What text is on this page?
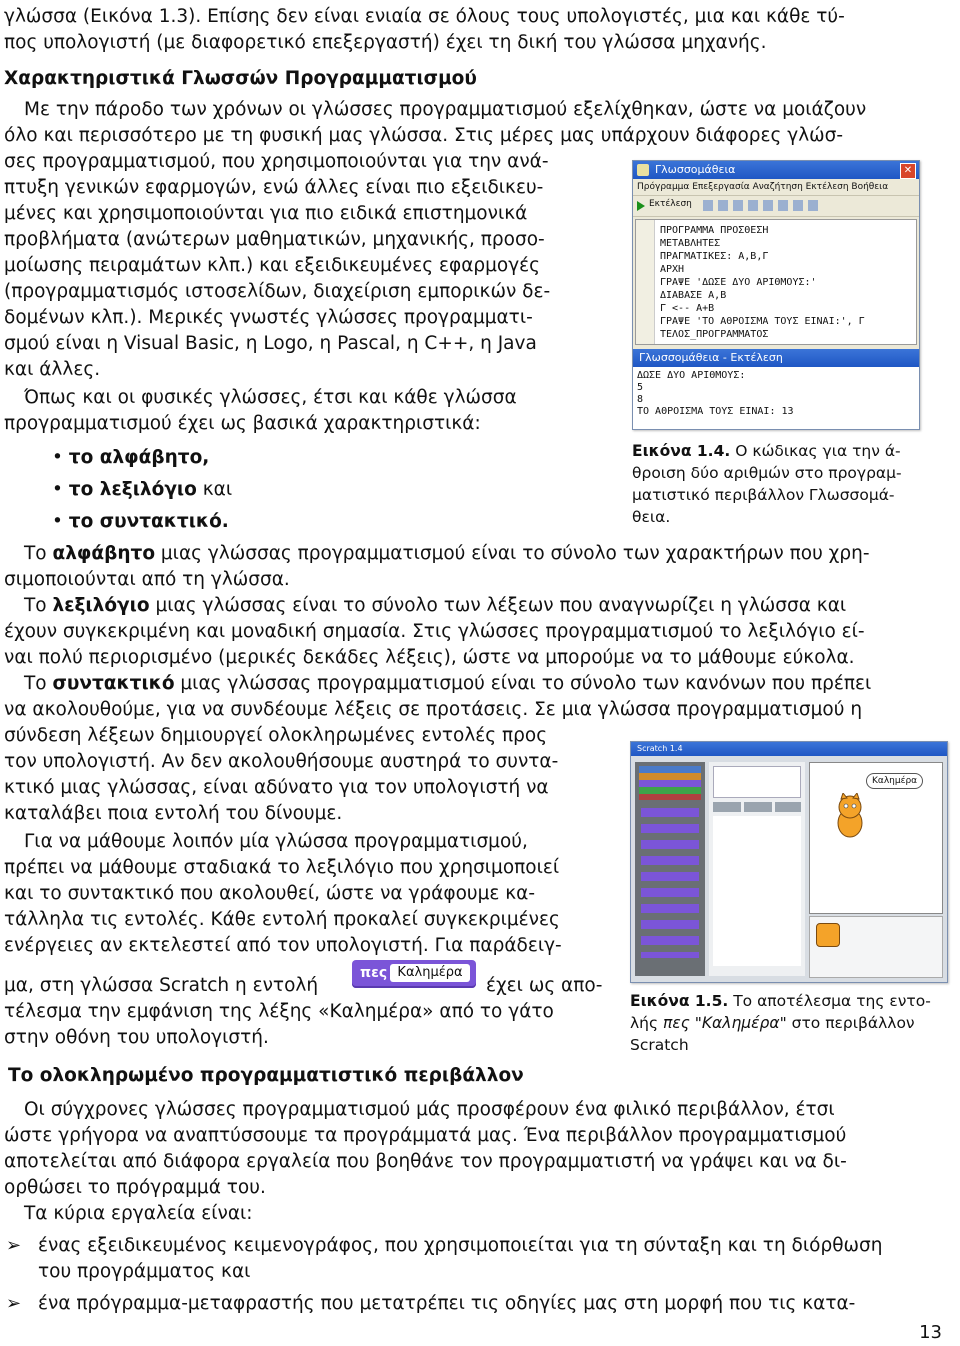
γλώσσα (Εικόνα 1.3). Επίσης δεν είναι ενιαία σε όλους τους υπολογιστές, μια και κάθε τύ-
πος υπολογιστή (με διαφορετικό επεξεργαστή) έχει τη δική του γλώσσα μηχανής.
Χαρακτηριστικά Γλωσσών Προγραμματισμού
Με την πάροδο των χρόνων οι γλώσσες προγραμματισμού εξελίχθηκαν, ώστε να μοιάζουν
όλο και περισσότερο με τη φυσική μας γλώσσα. Στις μέρες μας υπάρχουν διάφορες γλώσ-
σες προγραμματισμού, που χρησιμοποιούνται για την ανά-
πτυξη γενικών εφαρμογών, ενώ άλλες είναι πιο εξειδικευ-
μένες και χρησιμοποιούνται για πιο ειδικά επιστημονικά
προβλήματα (ανώτερων μαθηματικών, μηχανικής, προσο-
μοίωσης πειραμάτων κλπ.) και εξειδικευμένες εφαρμογές
(προγραμματισμός ιστοσελίδων, διαχείριση εμπορικών δε-
δομένων κλπ.). Μερικές γνωστές γλώσσες προγραμματι-
σμού είναι η Visual Basic, η Logo, η Pascal, η C++, η Java
και άλλες.
Όπως και οι φυσικές γλώσσες, έτσι και κάθε γλώσσα
προγραμματισμού έχει ως βασικά χαρακτηριστικά:
• το αλφάβητο,
• το λεξιλόγιο και
• το συντακτικό.
Γλωσσομάθεια	✕
Πρόγραμμα Επεξεργασία Αναζήτηση Εκτέλεση Βοήθεια
Εκτέλεση
ΠΡΟΓΡΑΜΜΑ ΠΡΟΣΘΕΣΗ
ΜΕΤΑΒΛΗΤΕΣ
ΠΡΑΓΜΑΤΙΚΕΣ: Α,Β,Γ
ΑΡΧΗ
ΓΡΑΨΕ 'ΔΩΣΕ ΔΥΟ ΑΡΙΘΜΟΥΣ:'
ΔΙΑΒΑΣΕ Α,Β
Γ <-- Α+Β
ΓΡΑΨΕ 'ΤΟ ΑΘΡΟΙΣΜΑ ΤΟΥΣ ΕΙΝΑΙ:', Γ
ΤΕΛΟΣ_ΠΡΟΓΡΑΜΜΑΤΟΣ
Γλωσσομάθεια - Εκτέλεση
ΔΩΣΕ ΔΥΟ ΑΡΙΘΜΟΥΣ:
5
8
ΤΟ ΑΘΡΟΙΣΜΑ ΤΟΥΣ ΕΙΝΑΙ: 13
Εικόνα 1.4. Ο κώδικας για την ά-
θροιση δύο αριθμών στο προγραμ-
ματιστικό περιβάλλον Γλωσσομά-
θεια.
Το αλφάβητο μιας γλώσσας προγραμματισμού είναι το σύνολο των χαρακτήρων που χρη-
σιμοποιούνται από τη γλώσσα.
Το λεξιλόγιο μιας γλώσσας είναι το σύνολο των λέξεων που αναγνωρίζει η γλώσσα και
έχουν συγκεκριμένη και μοναδική σημασία. Στις γλώσσες προγραμματισμού το λεξιλόγιο εί-
ναι πολύ περιορισμένο (μερικές δεκάδες λέξεις), ώστε να μπορούμε να το μάθουμε εύκολα.
Το συντακτικό μιας γλώσσας προγραμματισμού είναι το σύνολο των κανόνων που πρέπει
να ακολουθούμε, για να συνδέουμε λέξεις σε προτάσεις. Σε μια γλώσσα προγραμματισμού η
σύνδεση λέξεων δημιουργεί ολοκληρωμένες εντολές προς
τον υπολογιστή. Αν δεν ακολουθήσουμε αυστηρά το συντα-
κτικό μιας γλώσσας, είναι αδύνατο για τον υπολογιστή να
καταλάβει ποια εντολή του δίνουμε.
Για να μάθουμε λοιπόν μία γλώσσα προγραμματισμού,
πρέπει να μάθουμε σταδιακά το λεξιλόγιο που χρησιμοποιεί
και το συντακτικό που ακολουθεί, ώστε να γράφουμε κα-
τάλληλα τις εντολές. Κάθε εντολή προκαλεί συγκεκριμένες
ενέργειες αν εκτελεστεί από τον υπολογιστή. Για παράδειγ-
μα, στη γλώσσα Scratch η εντολή
πες Καλημέρα
έχει ως απο-
τέλεσμα την εμφάνιση της λέξης «Καλημέρα» από το γάτο
στην οθόνη του υπολογιστή.
Scratch 1.4
Καλημέρα
Εικόνα 1.5. Το αποτέλεσμα της εντο-
λής πες "Καλημέρα" στο περιβάλλον
Scratch
Το ολοκληρωμένο προγραμματιστικό περιβάλλον
Οι σύγχρονες γλώσσες προγραμματισμού μάς προσφέρουν ένα φιλικό περιβάλλον, έτσι
ώστε γρήγορα να αναπτύσσουμε τα προγράμματά μας. Ένα περιβάλλον προγραμματισμού
αποτελείται από διάφορα εργαλεία που βοηθάνε τον προγραμματιστή να γράψει και να δι-
ορθώσει το πρόγραμμά του.
Τα κύρια εργαλεία είναι:
➢ ένας εξειδικευμένος κειμενογράφος, που χρησιμοποιείται για τη σύνταξη και τη διόρθωση
του προγράμματος και
➢ ένα πρόγραμμα-μεταφραστής που μετατρέπει τις οδηγίες μας στη μορφή που τις κατα-
13
